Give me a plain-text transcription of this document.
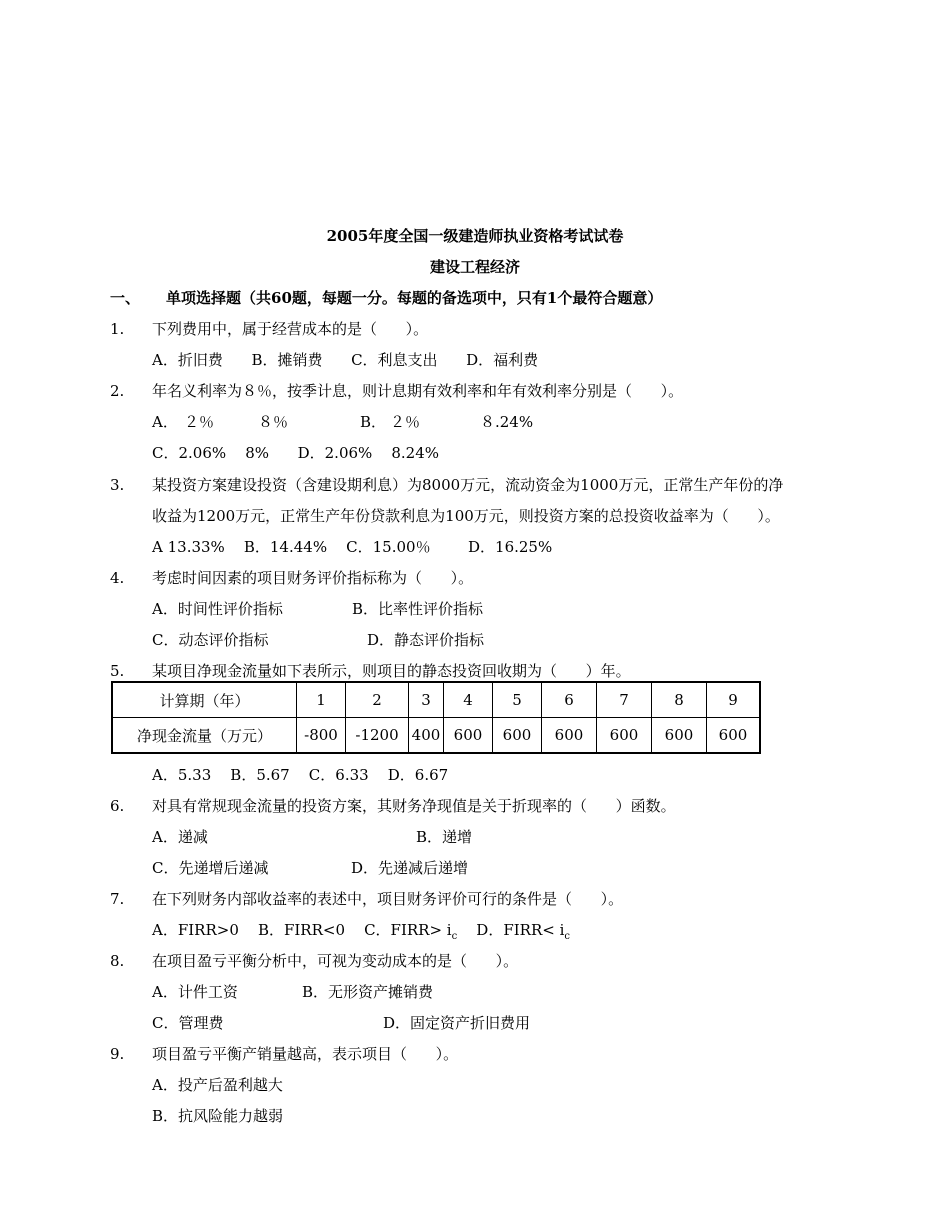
2005年度全国一级建造师执业资格考试试卷
建设工程经济
一、 单项选择题（共60题，每题一分。每题的备选项中，只有1个最符合题意）
1. 下列费用中，属于经营成本的是（      ）。
A．折旧费      B．摊销费      C．利息支出      D．福利费
2. 年名义利率为８％，按季计息，则计息期有效利率和年有效利率分别是（      ）。
A． ２％	８％	B． ２％	８.24%
C．2.06%    8%      D．2.06%    8.24%
3. 某投资方案建设投资（含建设期利息）为8000万元，流动资金为1000万元，正常生产年份的净
收益为1200万元，正常生产年份贷款利息为100万元，则投资方案的总投资收益率为（      ）。
A 13.33%    B．14.44%    C．15.00％ D．16.25%
4. 考虑时间因素的项目财务评价指标称为（      ）。
A．时间性评价指标	B．比率性评价指标
C．动态评价指标	D．静态评价指标
5. 某项目净现金流量如下表所示，则项目的静态投资回收期为（      ）年。
计算期（年）	1	2	3	4	5	6	7	8	9
净现金流量（万元）	-800	-1200	400	600	600	600	600	600	600
A．5.33    B．5.67    C．6.33    D．6.67
6. 对具有常规现金流量的投资方案，其财务净现值是关于折现率的（      ）函数。
A．递减	B．递增
C．先递增后递减	D．先递减后递增
7. 在下列财务内部收益率的表述中，项目财务评价可行的条件是（      ）。
A．FIRR>0    B．FIRR<0    C．FIRR> $i_c$    D．FIRR< $i_c$
8. 在项目盈亏平衡分析中，可视为变动成本的是（      ）。
A．计件工资	B．无形资产摊销费
C．管理费	D．固定资产折旧费用
9. 项目盈亏平衡产销量越高，表示项目（      ）。
A．投产后盈利越大
B．抗风险能力越弱
